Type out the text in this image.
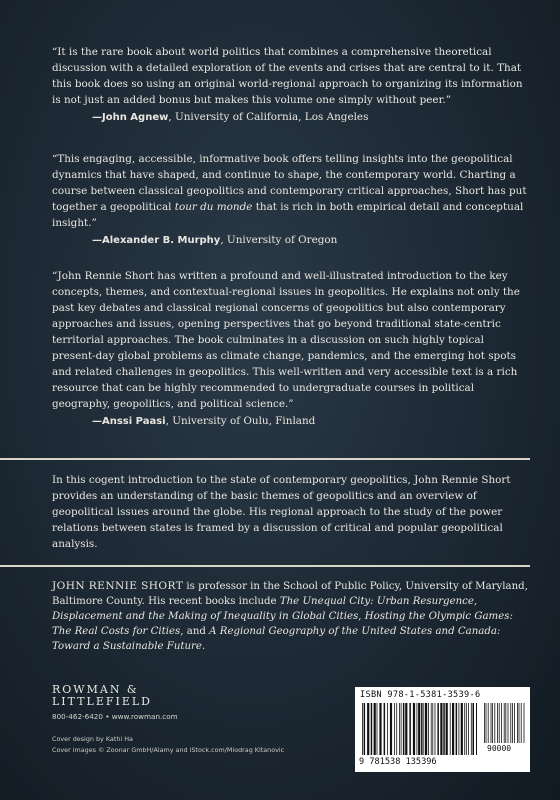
“It is the rare book about world politics that combines a comprehensive theoretical discussion with a detailed exploration of the events and crises that are central to it. That this book does so using an original world-regional approach to organizing its information is not just an added bonus but makes this volume one simply without peer.”
—John Agnew, University of California, Los Angeles
“This engaging, accessible, informative book offers telling insights into the geopolitical dynamics that have shaped, and continue to shape, the contemporary world. Charting a course between classical geopolitics and contemporary critical approaches, Short has put together a geopolitical tour du monde that is rich in both empirical detail and conceptual insight.”
—Alexander B. Murphy, University of Oregon
“John Rennie Short has written a profound and well-illustrated introduction to the key concepts, themes, and contextual-regional issues in geopolitics. He explains not only the past key debates and classical regional concerns of geopolitics but also contemporary approaches and issues, opening perspectives that go beyond traditional state-centric territorial approaches. The book culminates in a discussion on such highly topical present-day global problems as climate change, pandemics, and the emerging hot spots and related challenges in geopolitics. This well-written and very accessible text is a rich resource that can be highly recommended to undergraduate courses in political geography, geopolitics, and political science.”
—Anssi Paasi, University of Oulu, Finland
In this cogent introduction to the state of contemporary geopolitics, John Rennie Short provides an understanding of the basic themes of geopolitics and an overview of geopolitical issues around the globe. His regional approach to the study of the power relations between states is framed by a discussion of critical and popular geopolitical analysis.
JOHN RENNIE SHORT is professor in the School of Public Policy, University of Maryland, Baltimore County. His recent books include The Unequal City: Urban Resurgence, Displacement and the Making of Inequality in Global Cities, Hosting the Olympic Games: The Real Costs for Cities, and A Regional Geography of the United States and Canada: Toward a Sustainable Future.
ROWMAN &
LITTLEFIELD
800-462-6420 • www.rowman.com
Cover design by Kathi Ha
Cover images © Zoonar GmbH/Alamy and iStock.com/Miodrag Kitanovic
ISBN 978-1-5381-3539-6
90000
9 781538 135396
